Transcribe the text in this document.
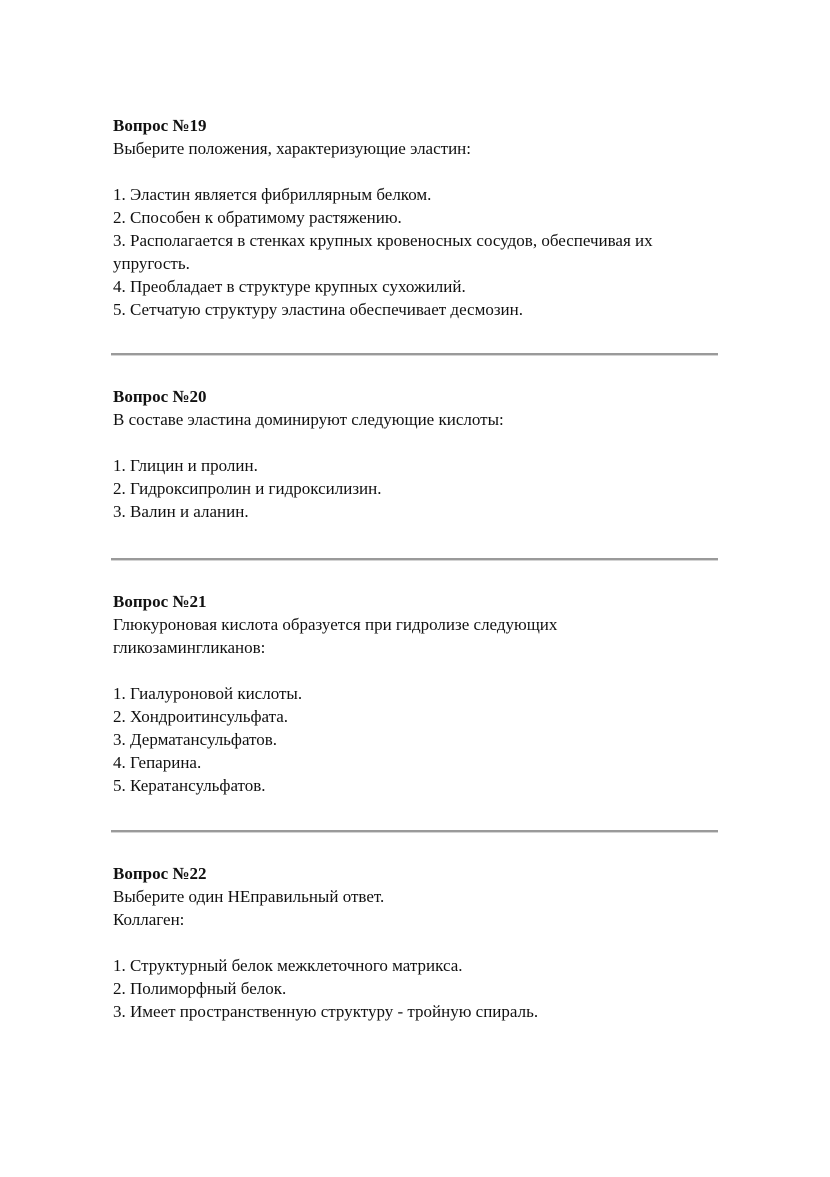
Вопрос №19

Выберите положения, характеризующие эластин:

1. Эластин является фибриллярным белком.
2. Способен к обратимому растяжению.
3. Располагается в стенках крупных кровеносных сосудов, обеспечивая их упругость.
4. Преобладает в структуре крупных сухожилий.
5. Сетчатую структуру эластина обеспечивает десмозин.

Вопрос №20

В составе эластина доминируют следующие кислоты:

1. Глицин и пролин.
2. Гидроксипролин и гидроксилизин.
3. Валин и аланин.

Вопрос №21

Глюкуроновая кислота образуется при гидролизе следующих гликозамингликанов:

1. Гиалуроновой кислоты.
2. Хондроитинсульфата.
3. Дерматансульфатов.
4. Гепарина.
5. Кератансульфатов.

Вопрос №22

Выберите один НЕправильный ответ.

Коллаген:

1. Структурный белок межклеточного матрикса.
2. Полиморфный белок.
3. Имеет пространственную структуру - тройную спираль.
